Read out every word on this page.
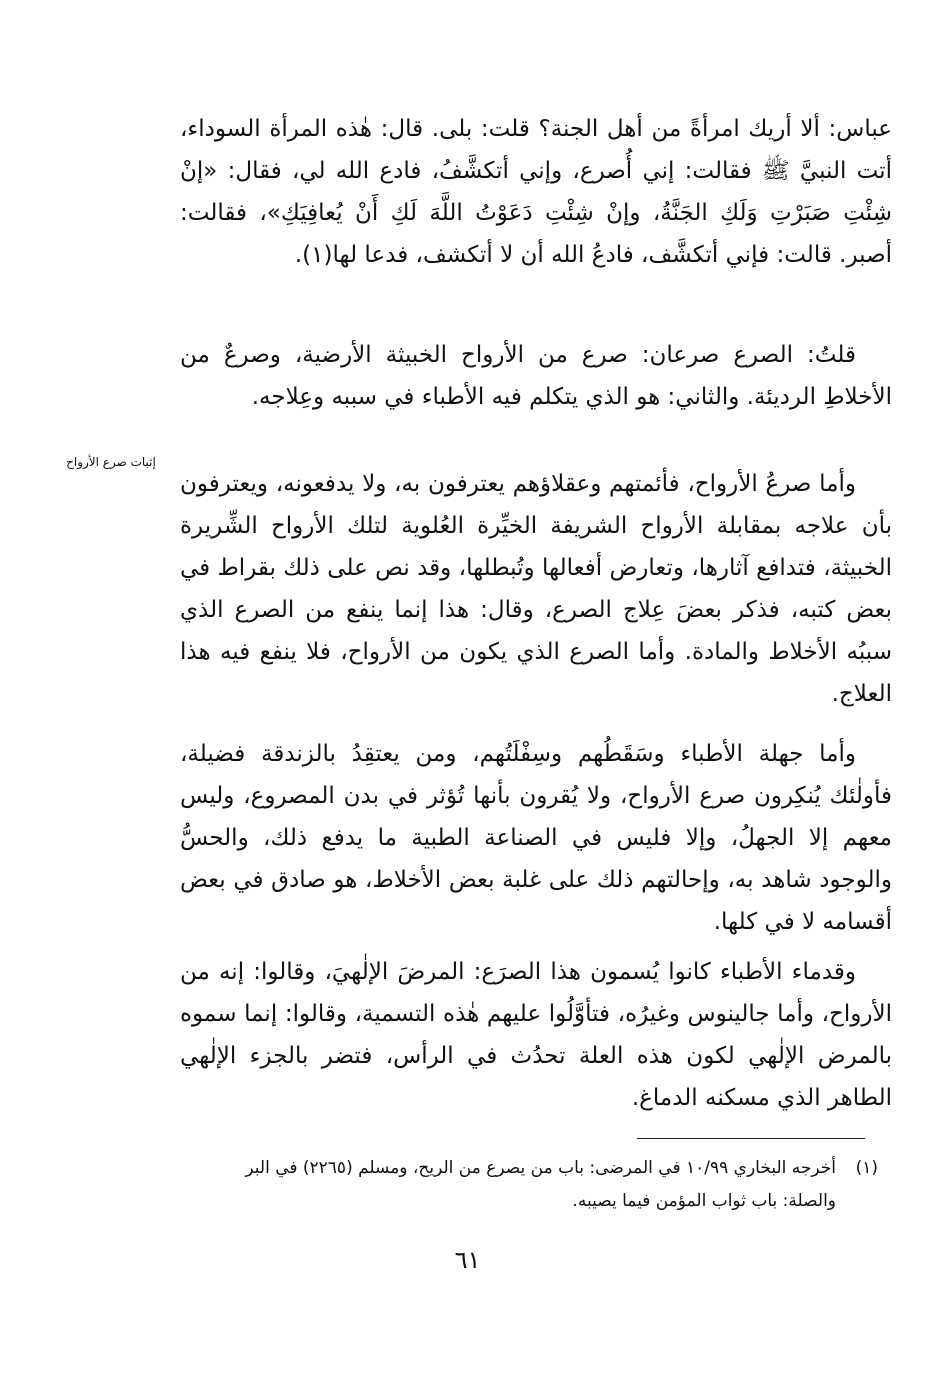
عباس: ألا أريك امرأةً من أهل الجنة؟ قلت: بلى. قال: هٰذه المرأة السوداء، أتت النبيَّ ﷺ فقالت: إني أُصرع، وإني أتكشَّفُ، فادع الله لي، فقال: «إنْ شِئْتِ صَبَرْتِ وَلَكِ الجَنَّةُ، وإنْ شِئْتِ دَعَوْتُ اللَّهَ لَكِ أَنْ يُعافِيَكِ»، فقالت: أصبر. قالت: فإني أتكشَّف، فادعُ الله أن لا أتكشف، فدعا لها(١).

قلتُ: الصرع صرعان: صرع من الأرواح الخبيثة الأرضية، وصرعٌ من الأخلاطِ الرديئة. والثاني: هو الذي يتكلم فيه الأطباء في سببه وعِلاجه.

إثبات صرع الأرواح

وأما صرعُ الأرواح، فأئمتهم وعقلاؤهم يعترفون به، ولا يدفعونه، ويعترفون بأن علاجه بمقابلة الأرواح الشريفة الخيِّرة العُلوية لتلك الأرواح الشِّريرة الخبيثة، فتدافع آثارها، وتعارض أفعالها وتُبطلها، وقد نص على ذلك بقراط في بعض كتبه، فذكر بعضَ عِلاج الصرع، وقال: هذا إنما ينفع من الصرع الذي سببُه الأخلاط والمادة. وأما الصرع الذي يكون من الأرواح، فلا ينفع فيه هذا العلاج.

وأما جهلة الأطباء وسَقَطُهم وسِفْلَتُهم، ومن يعتقِدُ بالزندقة فضيلة، فأولٰئك يُنكِرون صرع الأرواح، ولا يُقرون بأنها تُؤثر في بدن المصروع، وليس معهم إلا الجهلُ، وإلا فليس في الصناعة الطبية ما يدفع ذلك، والحسُّ والوجود شاهد به، وإحالتهم ذلك على غلبة بعض الأخلاط، هو صادق في بعض أقسامه لا في كلها.

وقدماء الأطباء كانوا يُسمون هذا الصرَع: المرضَ الإلٰهيَ، وقالوا: إنه من الأرواح، وأما جالينوس وغيرُه، فتأوَّلُوا عليهم هٰذه التسمية، وقالوا: إنما سموه بالمرض الإلٰهي لكون هذه العلة تحدُث في الرأس، فتضر بالجزء الإلٰهي الطاهر الذي مسكنه الدماغ.

(١)
أخرجه البخاري ١٠/٩٩ في المرضى: باب من يصرع من الريح، ومسلم (٢٢٦٥) في البر والصلة: باب ثواب المؤمن فيما يصيبه.
٦١
